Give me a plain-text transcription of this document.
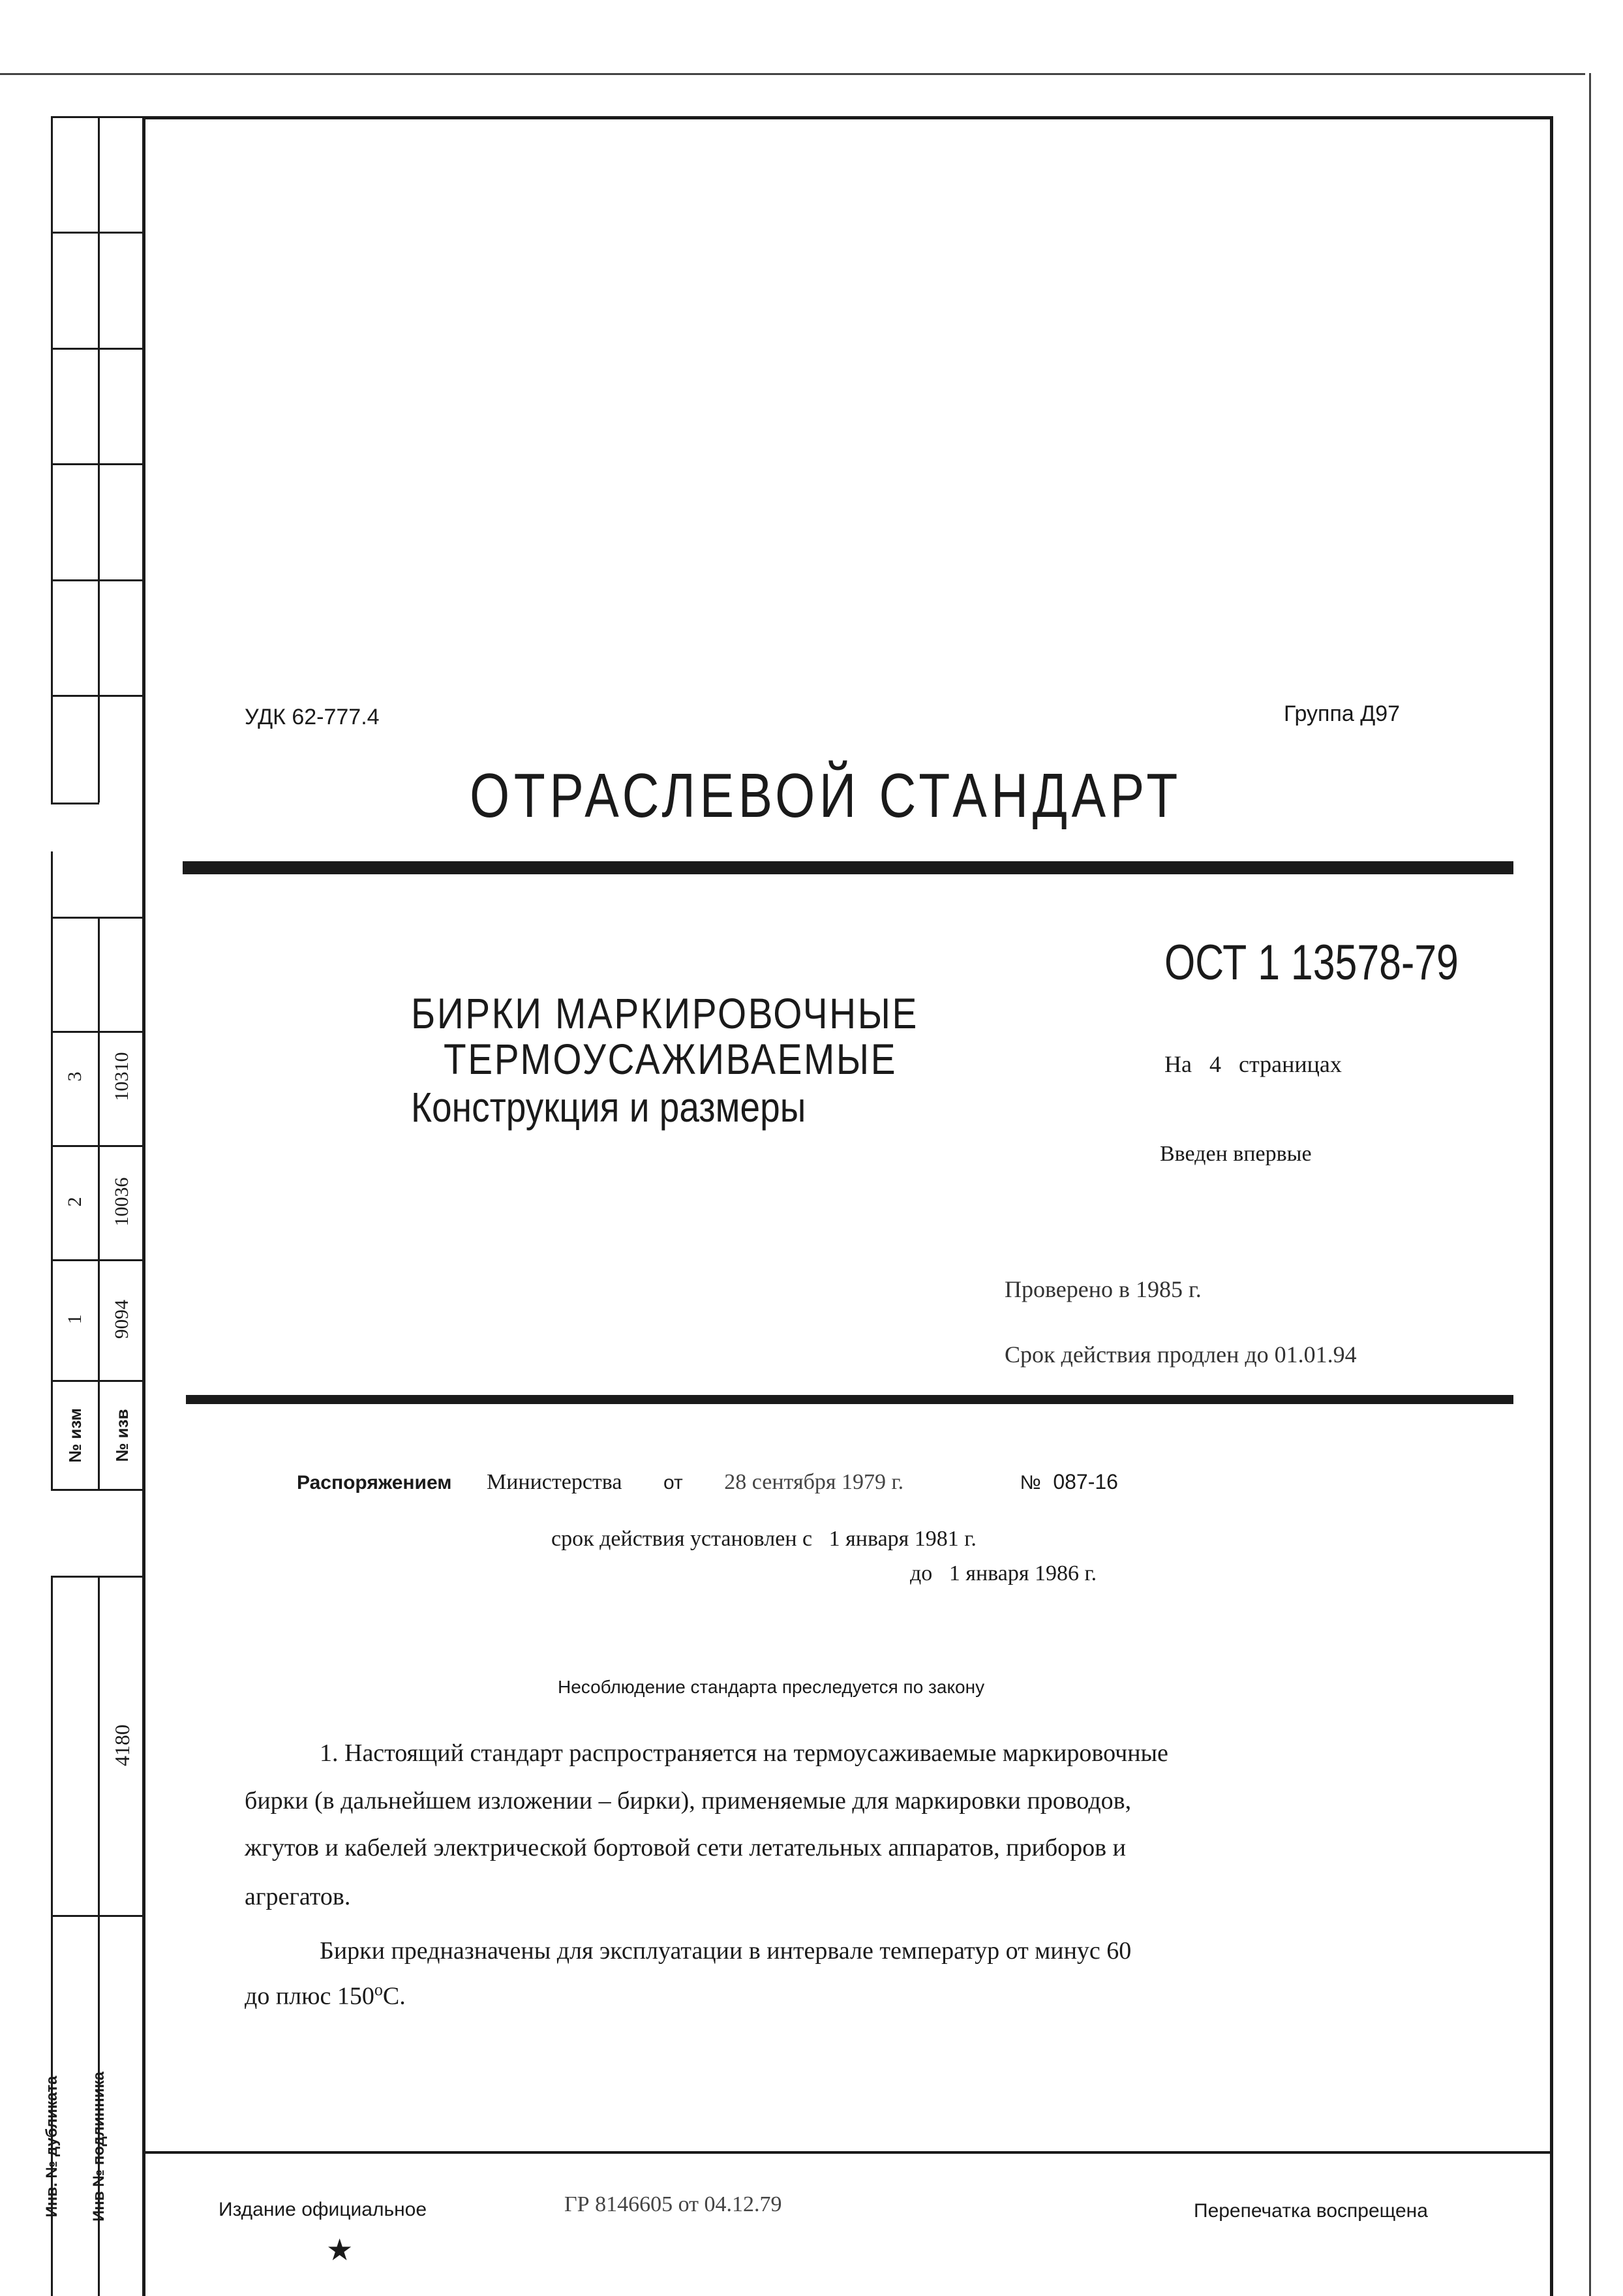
3 10310
2 10036
1 9094
№ изм № изв
4180
Инв. № дубликата Инв № подлинника
УДК 62-777.4	Группа Д97
ОТРАСЛЕВОЙ СТАНДАРТ
ОСТ 1 13578-79
БИРКИ МАРКИРОВОЧНЫЕ
ТЕРМОУСАЖИВАЕМЫЕ
Конструкция и размеры
На 4 страницах
Введен впервые
Проверено в 1985 г.
Срок действия продлен до 01.01.94
Распоряжением Министерства от 28 сентября 1979 г.	№ 087-16
срок действия установлен с 1 января 1981 г.
до 1 января 1986 г.
Несоблюдение стандарта преследуется по закону
1. Настоящий стандарт распространяется на термоусаживаемые маркировочные
бирки (в дальнейшем изложении – бирки), применяемые для маркировки проводов,
жгутов и кабелей электрической бортовой сети летательных аппаратов, приборов и
агрегатов.
Бирки предназначены для эксплуатации в интервале температур от минус 60
до плюс $150^оС$.
Издание официальное
★
ГР 8146605 от 04.12.79	Перепечатка воспрещена
